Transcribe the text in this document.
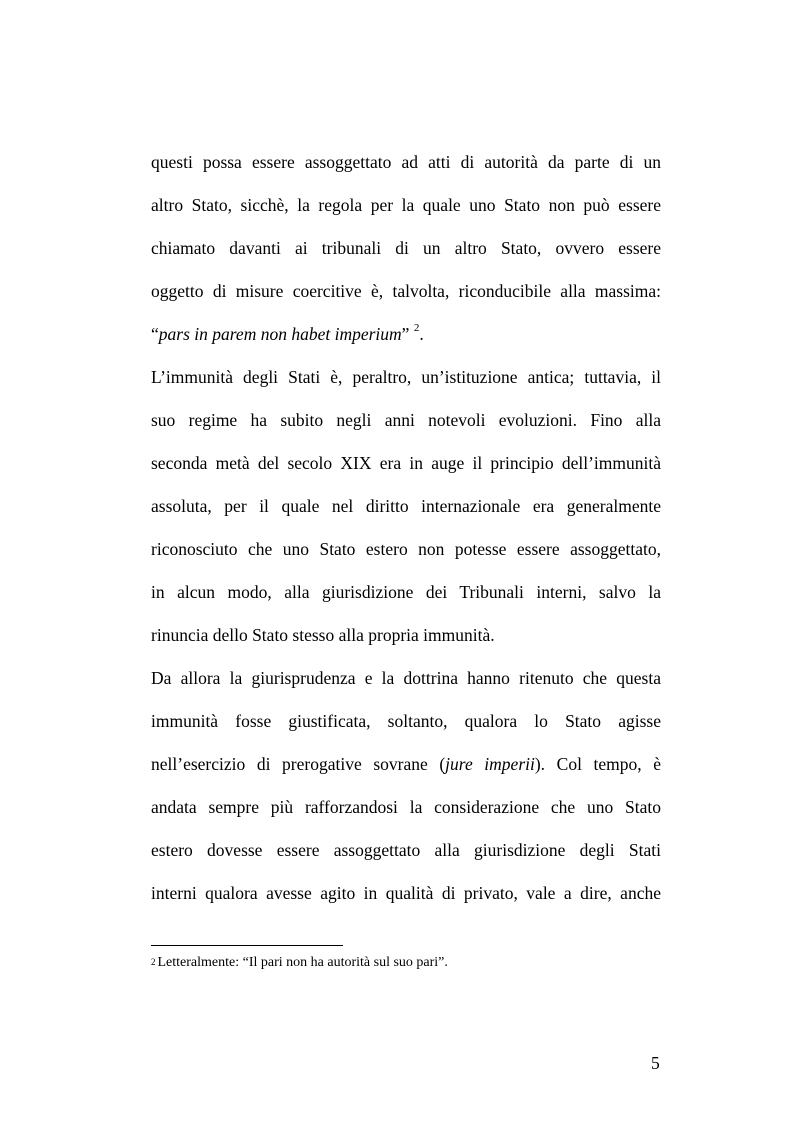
questi possa essere assoggettato ad atti di autorità da parte di un
altro Stato, sicchè, la regola per la quale uno Stato non può essere
chiamato davanti ai tribunali di un altro Stato, ovvero essere
oggetto di misure coercitive è, talvolta, riconducibile alla massima:
“pars in parem non habet imperium” $^2$.
L’immunità degli Stati è, peraltro, un’istituzione antica; tuttavia, il
suo regime ha subito negli anni notevoli evoluzioni. Fino alla
seconda metà del secolo XIX era in auge il principio dell’immunità
assoluta, per il quale nel diritto internazionale era generalmente
riconosciuto che uno Stato estero non potesse essere assoggettato,
in alcun modo, alla giurisdizione dei Tribunali interni, salvo la
rinuncia dello Stato stesso alla propria immunità.
Da allora la giurisprudenza e la dottrina hanno ritenuto che questa
immunità fosse giustificata, soltanto, qualora lo Stato agisse
nell’esercizio di prerogative sovrane (jure imperii). Col tempo, è
andata sempre più rafforzandosi la considerazione che uno Stato
estero dovesse essere assoggettato alla giurisdizione degli Stati
interni qualora avesse agito in qualità di privato, vale a dire, anche
$^2$ Letteralmente: “Il pari non ha autorità sul suo pari”.
5
